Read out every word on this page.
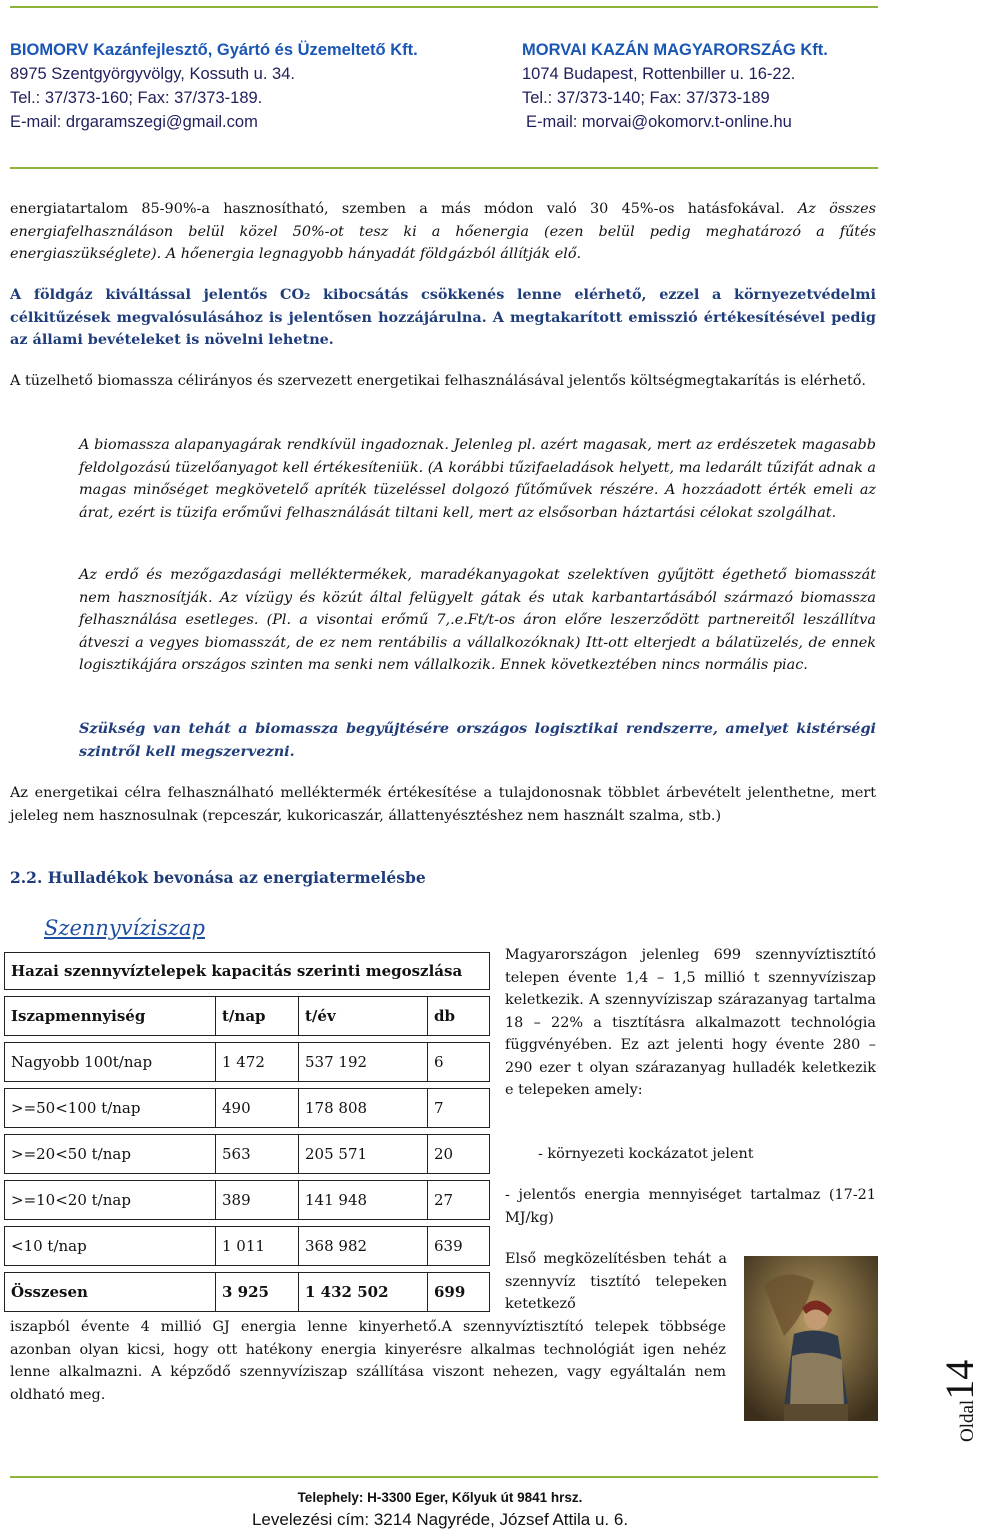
BIOMORV Kazánfejlesztő, Gyártó és Üzemeltető Kft.
8975 Szentgyörgyvölgy, Kossuth u. 34.
Tel.: 37/373-160; Fax: 37/373-189.
E-mail: drgaramszegi@gmail.com
MORVAI KAZÁN MAGYARORSZÁG Kft.
1074 Budapest, Rottenbiller u. 16-22.
Tel.: 37/373-140; Fax: 37/373-189
E-mail: morvai@okomorv.t-online.hu

energiatartalom 85-90%-a hasznosítható, szemben a más módon való 30 45%-os hatásfokával. Az összes energiafelhasználáson belül közel 50%-ot tesz ki a hőenergia (ezen belül pedig meghatározó a fűtés energiaszükséglete). A hőenergia legnagyobb hányadát földgázból állítják elő.

A földgáz kiváltással jelentős CO₂ kibocsátás csökkenés lenne elérhető, ezzel a környezetvédelmi célkitűzések megvalósulásához is jelentősen hozzájárulna. A megtakarított emisszió értékesítésével pedig az állami bevételeket is növelni lehetne.

A tüzelhető biomassza célirányos és szervezett energetikai felhasználásával jelentős költségmegtakarítás is elérhető.

A biomassza alapanyagárak rendkívül ingadoznak. Jelenleg pl. azért magasak, mert az erdészetek magasabb feldolgozású tüzelőanyagot kell értékesíteniük. (A korábbi tűzifaeladások helyett, ma ledarált tűzifát adnak a magas minőséget megkövetelő apríték tüzeléssel dolgozó fűtőművek részére. A hozzáadott érték emeli az árat, ezért is tüzifa erőművi felhasználását tiltani kell, mert az elsősorban háztartási célokat szolgálhat.

Az erdő és mezőgazdasági melléktermékek, maradékanyagokat szelektíven gyűjtött égethető biomasszát nem hasznosítják. Az vízügy és közút által felügyelt gátak és utak karbantartásából származó biomassza felhasználása esetleges. (Pl. a visontai erőmű 7,.e.Ft/t-os áron előre leszerződött partnereitől leszállítva átveszi a vegyes biomasszát, de ez nem rentábilis a vállalkozóknak) Itt-ott elterjedt a bálatüzelés, de ennek logisztikájára országos szinten ma senki nem vállalkozik. Ennek következtében nincs normális piac.

Szükség van tehát a biomassza begyűjtésére országos logisztikai rendszerre, amelyet kistérségi szintről kell megszervezni.

Az energetikai célra felhasználható melléktermék értékesítése a tulajdonosnak többlet árbevételt jelenthetne, mert jeleleg nem hasznosulnak (repceszár, kukoricaszár, állattenyésztéshez nem használt szalma, stb.)

2.2. Hulladékok bevonása az energiatermelésbe
Szennyvíziszap
Hazai szennyvíztelepek kapacitás szerinti megoszlása			

Iszapmennyiség	t/nap	t/év	db

Nagyobb 100t/nap	1 472	537 192	6

>=50<100 t/nap	490	178 808	7

>=20<50 t/nap	563	205 571	20

>=10<20 t/nap	389	141 948	27

<10 t/nap	1 011	368 982	639

Összesen	3 925	1 432 502	699

Magyarországon jelenleg 699 szennyvíztisztító telepen évente 1,4 – 1,5 millió t szennyvíziszap keletkezik. A szennyvíziszap szárazanyag tartalma 18 – 22% a tisztításra alkalmazott technológia függvényében. Ez azt jelenti hogy évente 280 – 290 ezer t olyan szárazanyag hulladék keletkezik e telepeken amely:

- környezeti kockázatot jelent

- jelentős energia mennyiséget tartalmaz (17-21 MJ/kg)

Első megközelítésben tehát a szennyvíz tisztító telepeken ketetkező

iszapból évente 4 millió GJ energia lenne kinyerhető.A szennyvíztisztító telepek többsége azonban olyan kicsi, hogy ott hatékony energia kinyerésre alkalmas technológiát igen nehéz lenne alkalmazni. A képződő szennyvíziszap szállítása viszont nehezen, vagy egyáltalán nem oldható meg.

Oldal14
Telephely: H-3300 Eger, Kőlyuk út 9841 hrsz.
Levelezési cím: 3214 Nagyréde, József Attila u. 6.
